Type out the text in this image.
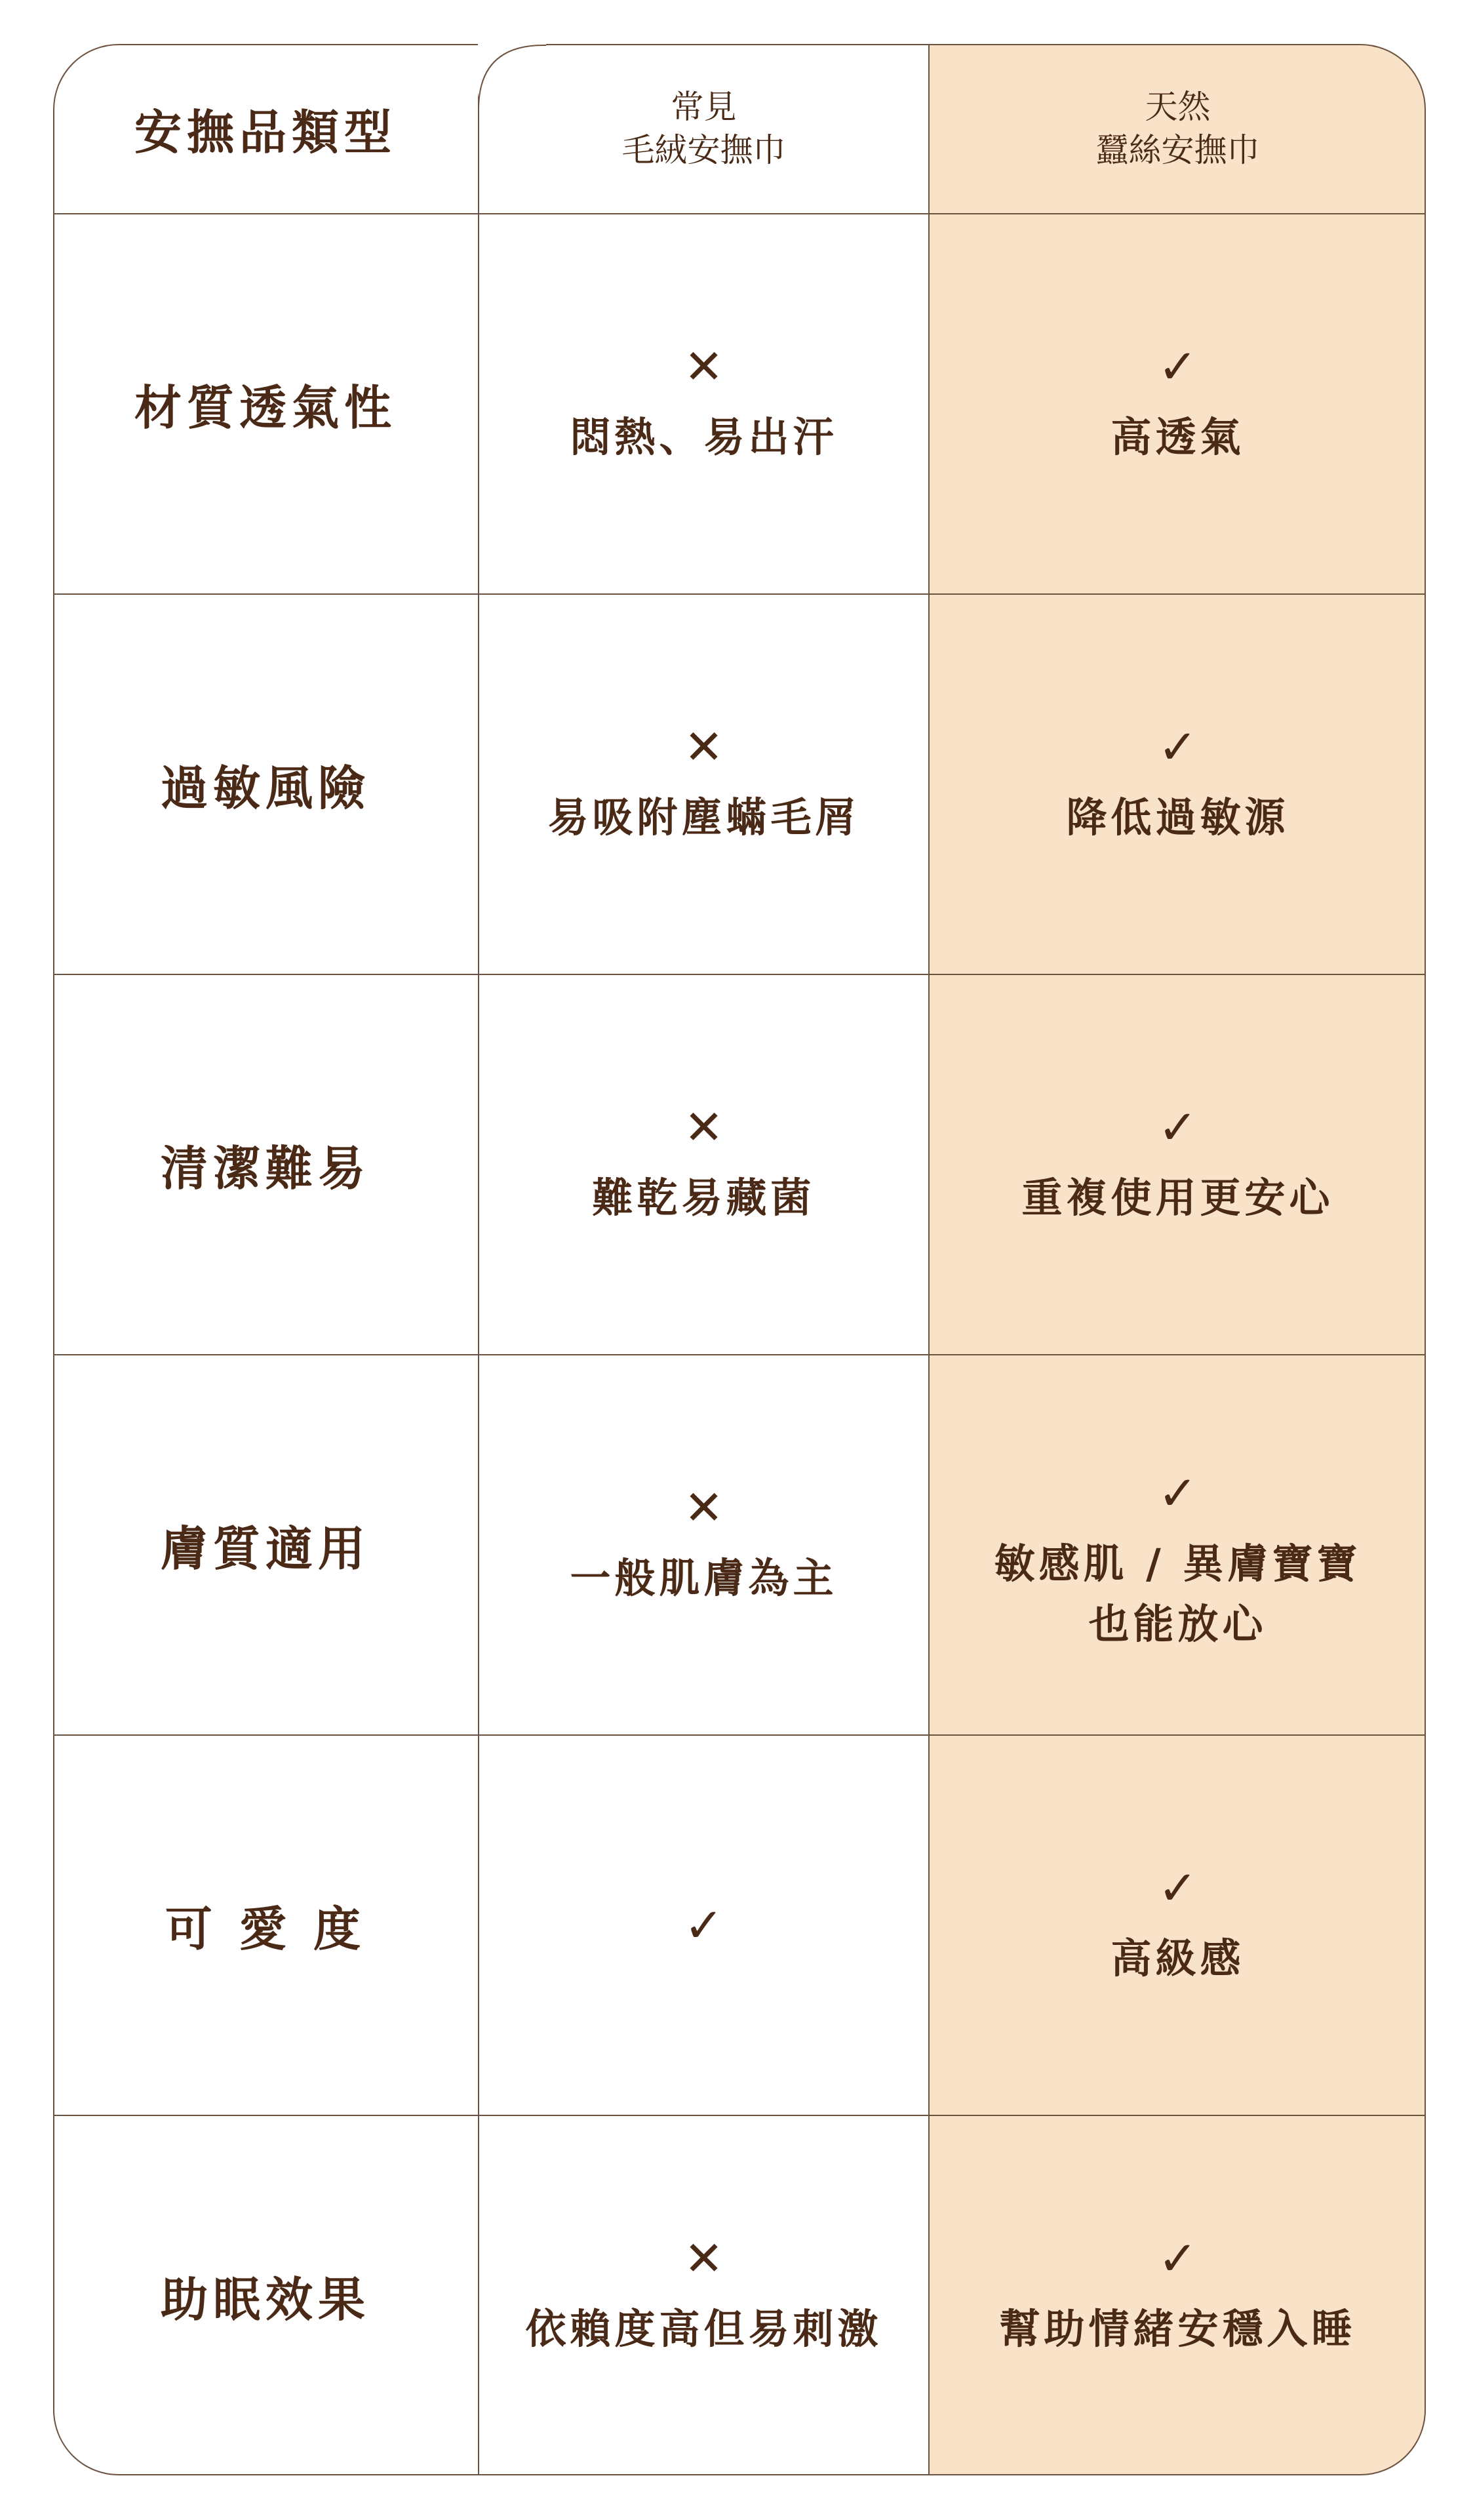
安撫品類型	常見
毛絨安撫巾
天然
蠶絲安撫巾
材質透氣性
✕
悶熱、易出汗
✓
高透氣
過敏風險
✕
易吸附塵蟎毛屑
✓
降低過敏源
清潔難易
✕
難乾易藏菌
✓
重複使用更安心
膚質適用
✕
一般肌膚為主
✓
敏感肌 / 異膚寶寶
也能放心
可 愛 度	✓
✓
高級感
助眠效果
✕
依賴度高但易刺激
✓
幫助情緒安穩入睡
